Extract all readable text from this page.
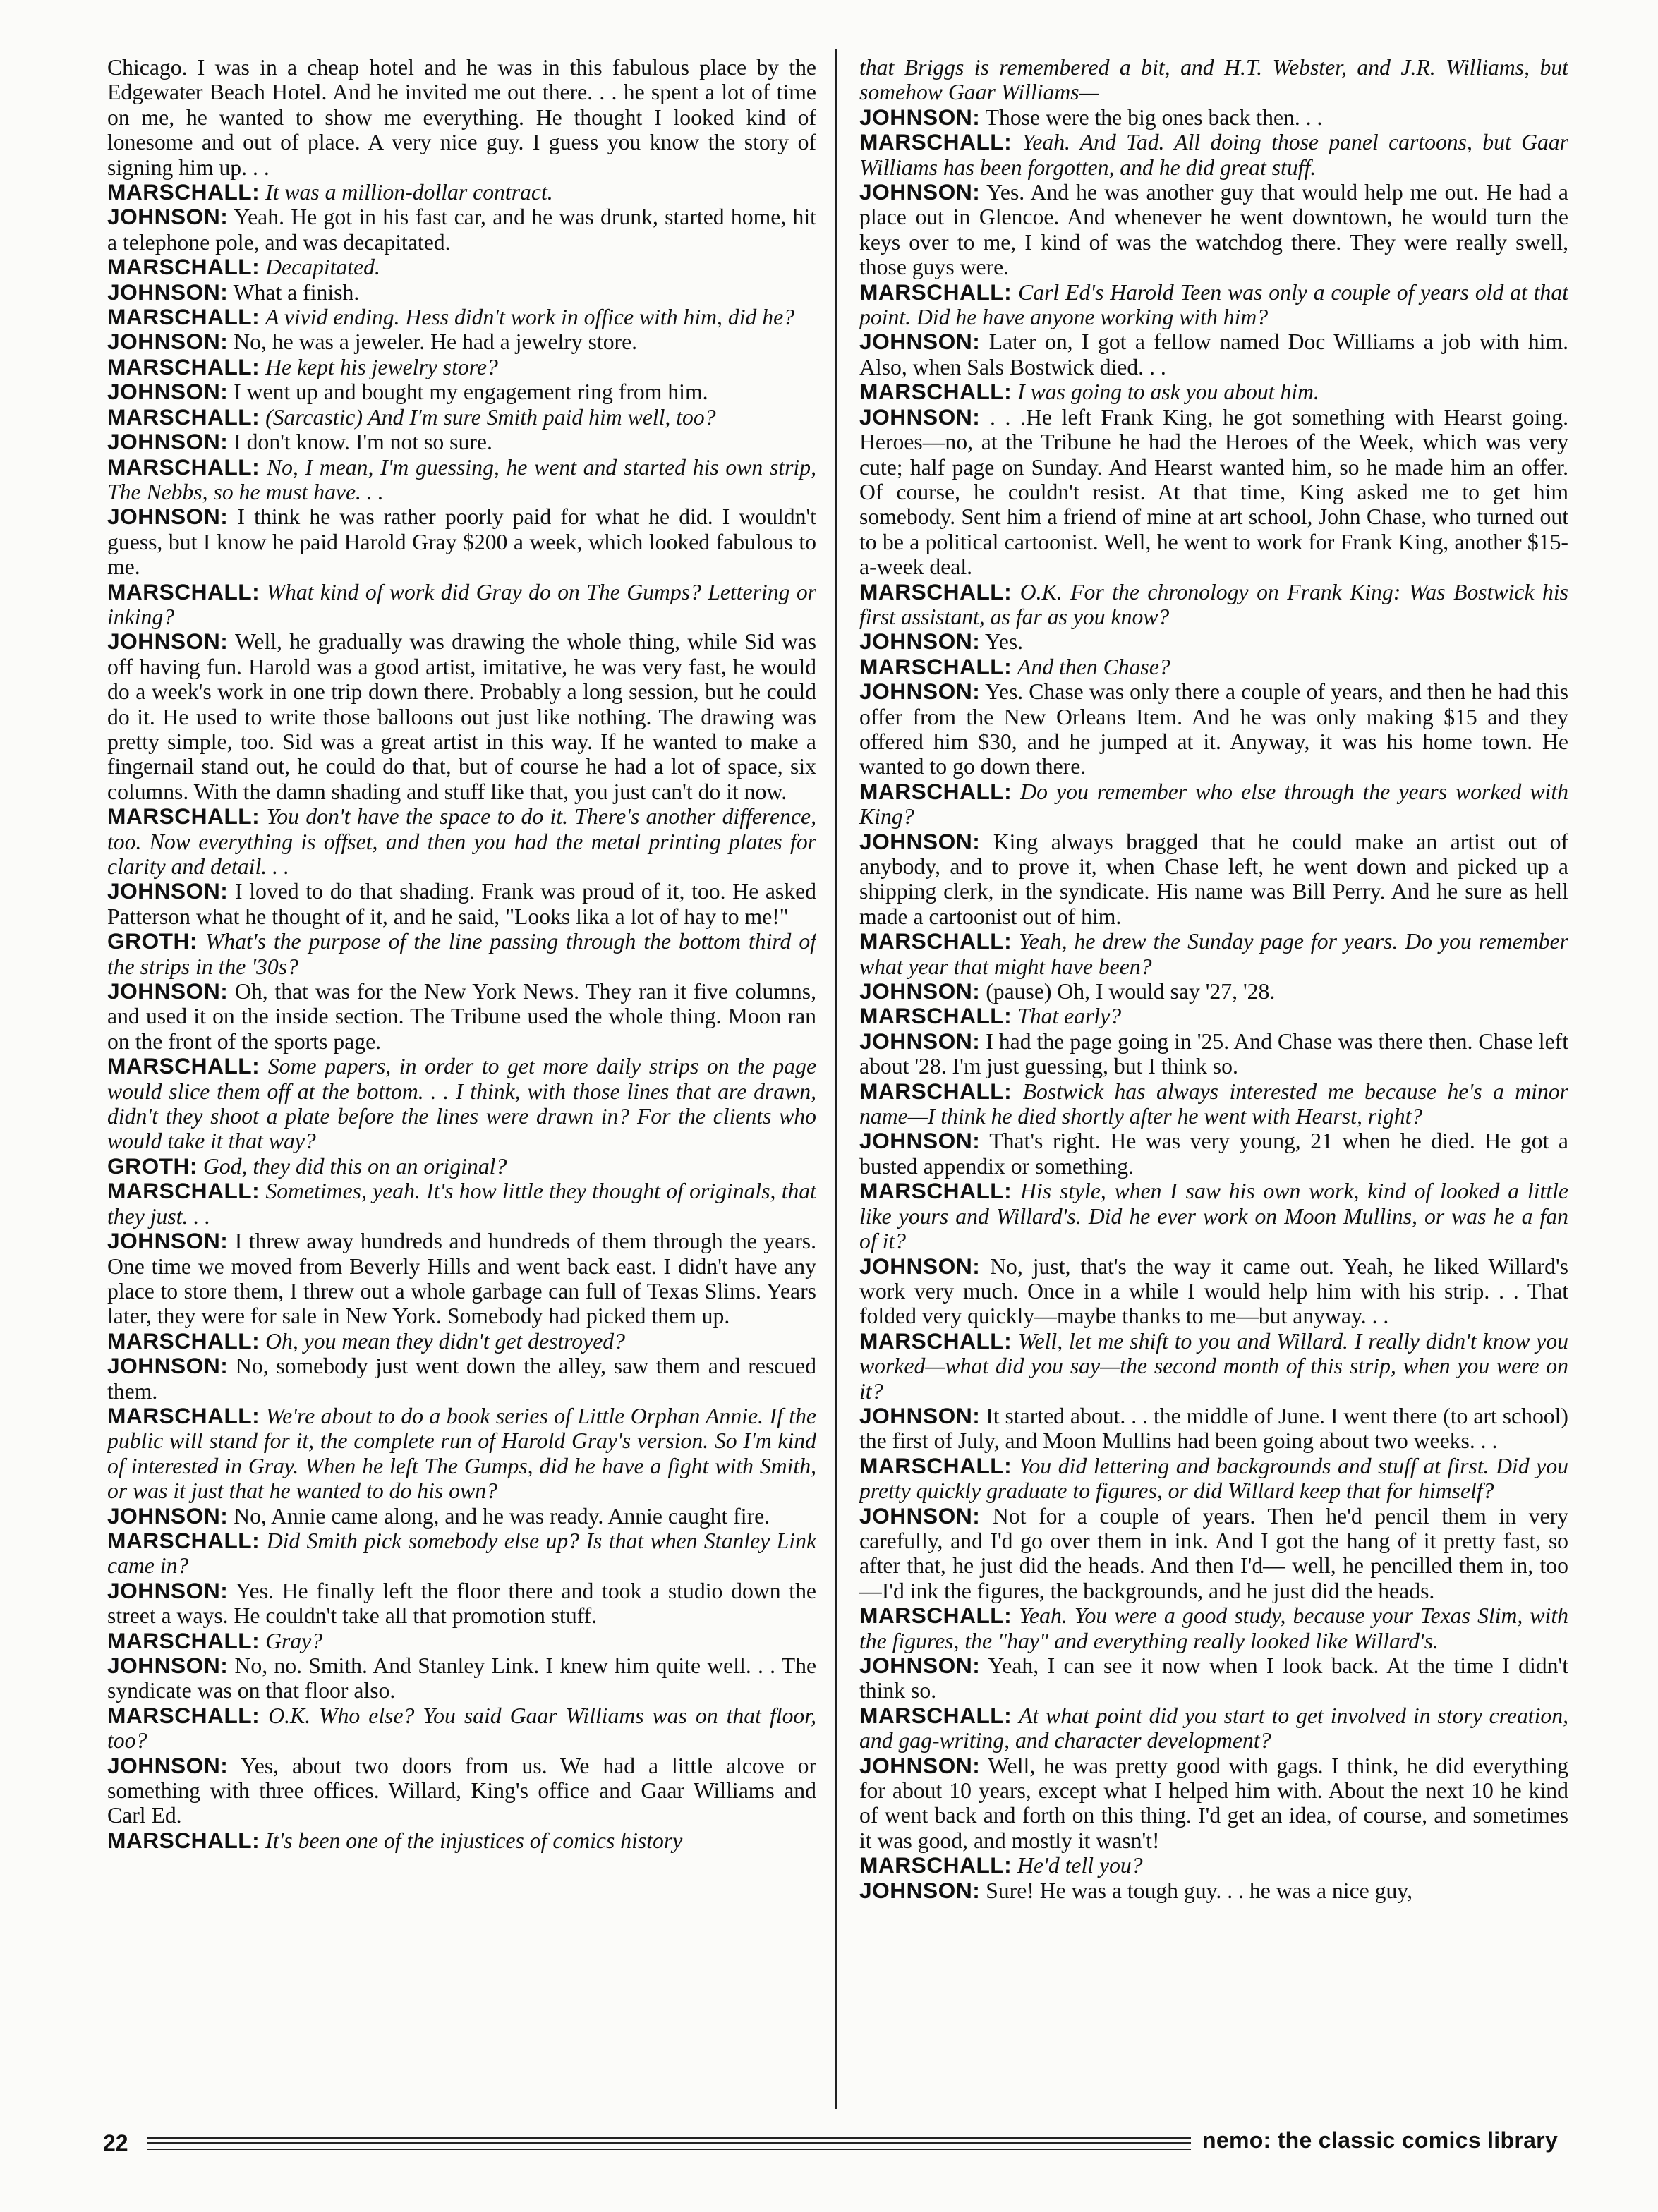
Chicago. I was in a cheap hotel and he was in this fabulous place by the Edgewater Beach Hotel. And he invited me out there. . . he spent a lot of time on me, he wanted to show me everything. He thought I looked kind of lonesome and out of place. A very nice guy. I guess you know the story of signing him up. . .

MARSCHALL: It was a million-dollar contract.

JOHNSON: Yeah. He got in his fast car, and he was drunk, started home, hit a telephone pole, and was decapitated.

MARSCHALL: Decapitated.

JOHNSON: What a finish.

MARSCHALL: A vivid ending. Hess didn't work in office with him, did he?

JOHNSON: No, he was a jeweler. He had a jewelry store.

MARSCHALL: He kept his jewelry store?

JOHNSON: I went up and bought my engagement ring from him.

MARSCHALL: (Sarcastic) And I'm sure Smith paid him well, too?

JOHNSON: I don't know. I'm not so sure.

MARSCHALL: No, I mean, I'm guessing, he went and started his own strip, The Nebbs, so he must have. . .

JOHNSON: I think he was rather poorly paid for what he did. I wouldn't guess, but I know he paid Harold Gray $200 a week, which looked fabulous to me.

MARSCHALL: What kind of work did Gray do on The Gumps? Lettering or inking?

JOHNSON: Well, he gradually was drawing the whole thing, while Sid was off having fun. Harold was a good artist, imitative, he was very fast, he would do a week's work in one trip down there. Probably a long session, but he could do it. He used to write those balloons out just like nothing. The drawing was pretty simple, too. Sid was a great artist in this way. If he wanted to make a fingernail stand out, he could do that, but of course he had a lot of space, six columns. With the damn shading and stuff like that, you just can't do it now.

MARSCHALL: You don't have the space to do it. There's another difference, too. Now everything is offset, and then you had the metal printing plates for clarity and detail. . .

JOHNSON: I loved to do that shading. Frank was proud of it, too. He asked Patterson what he thought of it, and he said, "Looks lika a lot of hay to me!"

GROTH: What's the purpose of the line passing through the bottom third of the strips in the '30s?

JOHNSON: Oh, that was for the New York News. They ran it five columns, and used it on the inside section. The Tribune used the whole thing. Moon ran on the front of the sports page.

MARSCHALL: Some papers, in order to get more daily strips on the page would slice them off at the bottom. . . I think, with those lines that are drawn, didn't they shoot a plate before the lines were drawn in? For the clients who would take it that way?

GROTH: God, they did this on an original?

MARSCHALL: Sometimes, yeah. It's how little they thought of originals, that they just. . .

JOHNSON: I threw away hundreds and hundreds of them through the years. One time we moved from Beverly Hills and went back east. I didn't have any place to store them, I threw out a whole garbage can full of Texas Slims. Years later, they were for sale in New York. Somebody had picked them up.

MARSCHALL: Oh, you mean they didn't get destroyed?

JOHNSON: No, somebody just went down the alley, saw them and rescued them.

MARSCHALL: We're about to do a book series of Little Orphan Annie. If the public will stand for it, the complete run of Harold Gray's version. So I'm kind of interested in Gray. When he left The Gumps, did he have a fight with Smith, or was it just that he wanted to do his own?

JOHNSON: No, Annie came along, and he was ready. Annie caught fire.

MARSCHALL: Did Smith pick somebody else up? Is that when Stanley Link came in?

JOHNSON: Yes. He finally left the floor there and took a studio down the street a ways. He couldn't take all that promotion stuff.

MARSCHALL: Gray?

JOHNSON: No, no. Smith. And Stanley Link. I knew him quite well. . . The syndicate was on that floor also.

MARSCHALL: O.K. Who else? You said Gaar Williams was on that floor, too?

JOHNSON: Yes, about two doors from us. We had a little alcove or something with three offices. Willard, King's office and Gaar Williams and Carl Ed.

MARSCHALL: It's been one of the injustices of comics history

that Briggs is remembered a bit, and H.T. Webster, and J.R. Williams, but somehow Gaar Williams—

JOHNSON: Those were the big ones back then. . .

MARSCHALL: Yeah. And Tad. All doing those panel cartoons, but Gaar Williams has been forgotten, and he did great stuff.

JOHNSON: Yes. And he was another guy that would help me out. He had a place out in Glencoe. And whenever he went downtown, he would turn the keys over to me, I kind of was the watchdog there. They were really swell, those guys were.

MARSCHALL: Carl Ed's Harold Teen was only a couple of years old at that point. Did he have anyone working with him?

JOHNSON: Later on, I got a fellow named Doc Williams a job with him. Also, when Sals Bostwick died. . .

MARSCHALL: I was going to ask you about him.

JOHNSON: . . .He left Frank King, he got something with Hearst going. Heroes—no, at the Tribune he had the Heroes of the Week, which was very cute; half page on Sunday. And Hearst wanted him, so he made him an offer. Of course, he couldn't resist. At that time, King asked me to get him somebody. Sent him a friend of mine at art school, John Chase, who turned out to be a political cartoonist. Well, he went to work for Frank King, another $15-a-week deal.

MARSCHALL: O.K. For the chronology on Frank King: Was Bostwick his first assistant, as far as you know?

JOHNSON: Yes.

MARSCHALL: And then Chase?

JOHNSON: Yes. Chase was only there a couple of years, and then he had this offer from the New Orleans Item. And he was only making $15 and they offered him $30, and he jumped at it. Anyway, it was his home town. He wanted to go down there.

MARSCHALL: Do you remember who else through the years worked with King?

JOHNSON: King always bragged that he could make an artist out of anybody, and to prove it, when Chase left, he went down and picked up a shipping clerk, in the syndicate. His name was Bill Perry. And he sure as hell made a cartoonist out of him.

MARSCHALL: Yeah, he drew the Sunday page for years. Do you remember what year that might have been?

JOHNSON: (pause) Oh, I would say '27, '28.

MARSCHALL: That early?

JOHNSON: I had the page going in '25. And Chase was there then. Chase left about '28. I'm just guessing, but I think so.

MARSCHALL: Bostwick has always interested me because he's a minor name—I think he died shortly after he went with Hearst, right?

JOHNSON: That's right. He was very young, 21 when he died. He got a busted appendix or something.

MARSCHALL: His style, when I saw his own work, kind of looked a little like yours and Willard's. Did he ever work on Moon Mullins, or was he a fan of it?

JOHNSON: No, just, that's the way it came out. Yeah, he liked Willard's work very much. Once in a while I would help him with his strip. . . That folded very quickly—maybe thanks to me—but anyway. . .

MARSCHALL: Well, let me shift to you and Willard. I really didn't know you worked—what did you say—the second month of this strip, when you were on it?

JOHNSON: It started about. . . the middle of June. I went there (to art school) the first of July, and Moon Mullins had been going about two weeks. . .

MARSCHALL: You did lettering and backgrounds and stuff at first. Did you pretty quickly graduate to figures, or did Willard keep that for himself?

JOHNSON: Not for a couple of years. Then he'd pencil them in very carefully, and I'd go over them in ink. And I got the hang of it pretty fast, so after that, he just did the heads. And then I'd— well, he pencilled them in, too—I'd ink the figures, the backgrounds, and he just did the heads.

MARSCHALL: Yeah. You were a good study, because your Texas Slim, with the figures, the "hay" and everything really looked like Willard's.

JOHNSON: Yeah, I can see it now when I look back. At the time I didn't think so.

MARSCHALL: At what point did you start to get involved in story creation, and gag-writing, and character development?

JOHNSON: Well, he was pretty good with gags. I think, he did everything for about 10 years, except what I helped him with. About the next 10 he kind of went back and forth on this thing. I'd get an idea, of course, and sometimes it was good, and mostly it wasn't!

MARSCHALL: He'd tell you?

JOHNSON: Sure! He was a tough guy. . . he was a nice guy,

22	nemo: the classic comics library
